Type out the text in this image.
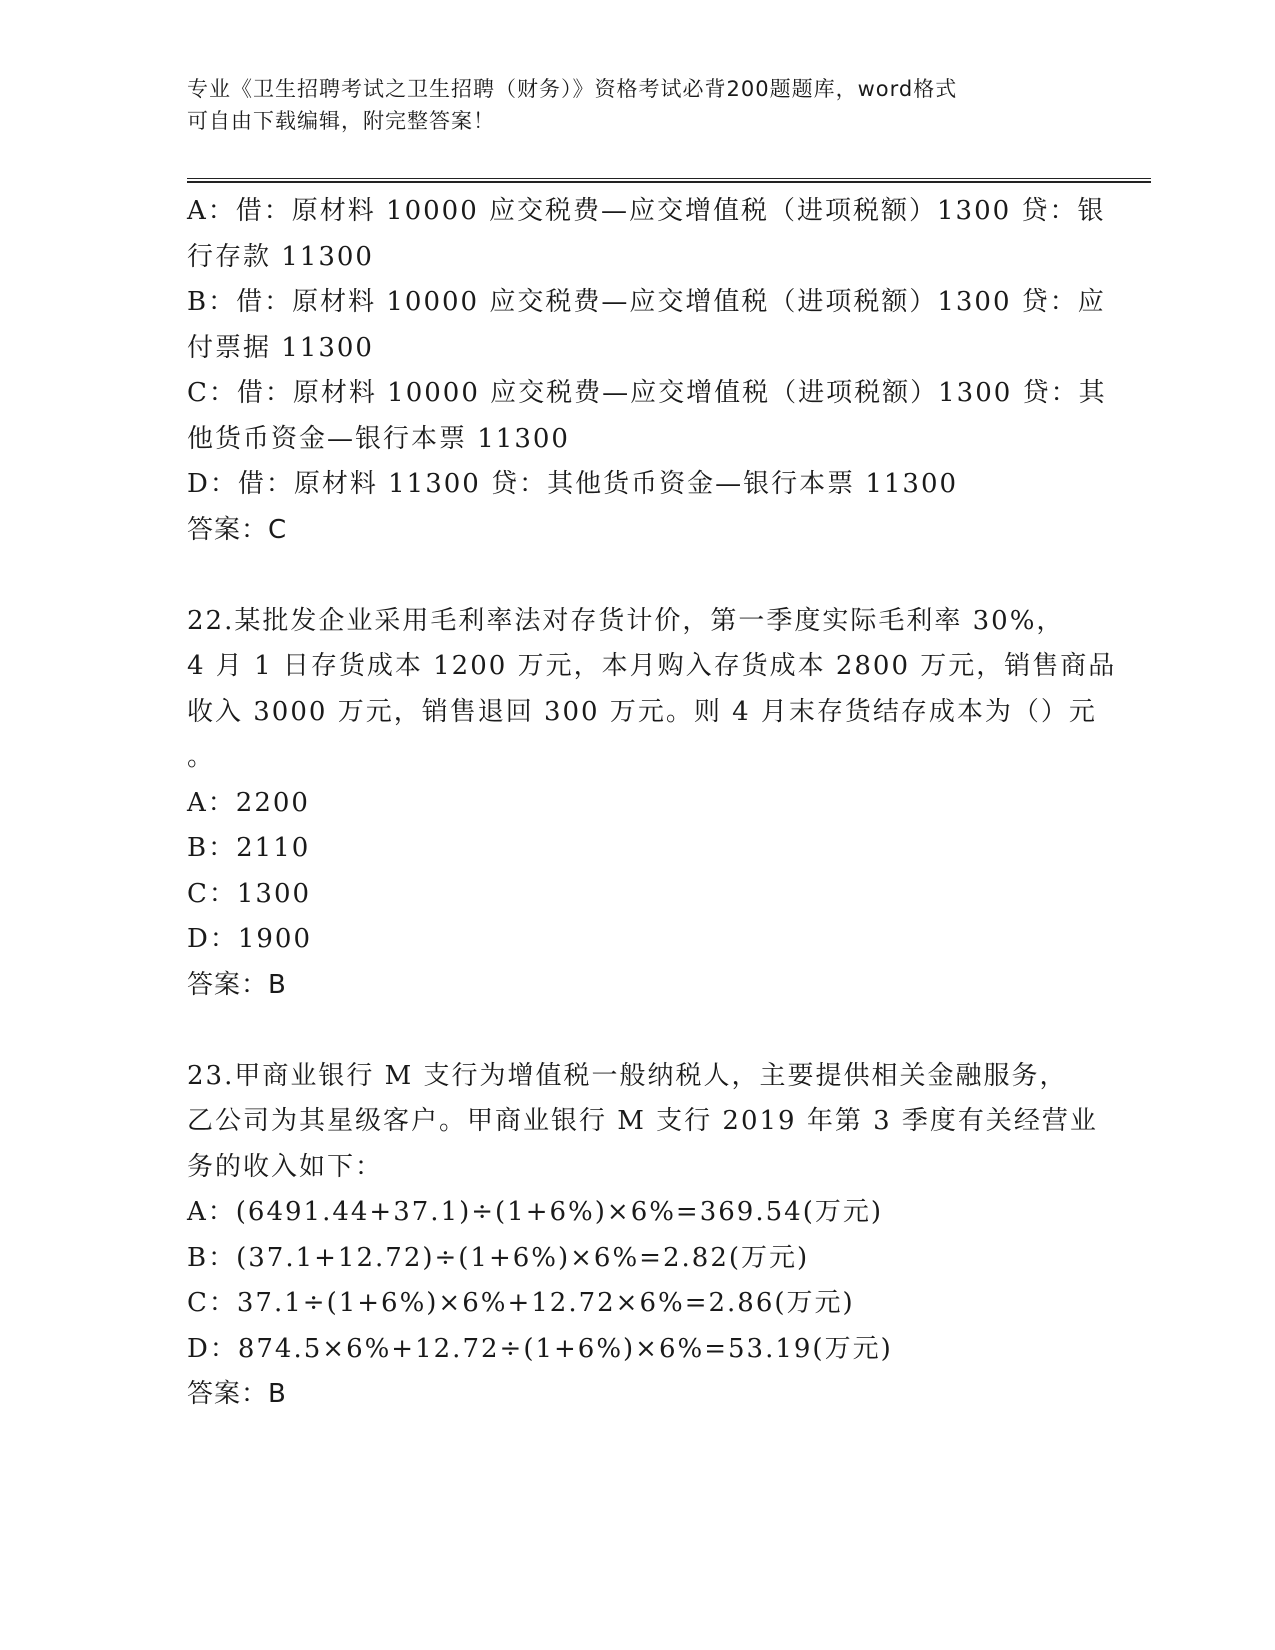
专业《卫生招聘考试之卫生招聘（财务）》资格考试必背200题题库，word格式
可自由下载编辑，附完整答案！
A：借：原材料 10000 应交税费—应交增值税（进项税额）1300 贷：银
行存款 11300
B：借：原材料 10000 应交税费—应交增值税（进项税额）1300 贷：应
付票据 11300
C：借：原材料 10000 应交税费—应交增值税（进项税额）1300 贷：其
他货币资金—银行本票 11300
D：借：原材料 11300 贷：其他货币资金—银行本票 11300
答案：C
22.某批发企业采用毛利率法对存货计价，第一季度实际毛利率 30%，
4 月 1 日存货成本 1200 万元，本月购入存货成本 2800 万元，销售商品
收入 3000 万元，销售退回 300 万元。则 4 月末存货结存成本为（）元
。
A：2200
B：2110
C：1300
D：1900
答案：B
23.甲商业银行 M 支行为增值税一般纳税人，主要提供相关金融服务，
乙公司为其星级客户。甲商业银行 M 支行 2019 年第 3 季度有关经营业
务的收入如下：
A：(6491.44+37.1)÷(1+6%)×6%=369.54(万元)
B：(37.1+12.72)÷(1+6%)×6%=2.82(万元)
C：37.1÷(1+6%)×6%+12.72×6%=2.86(万元)
D：874.5×6%+12.72÷(1+6%)×6%=53.19(万元)
答案：B
